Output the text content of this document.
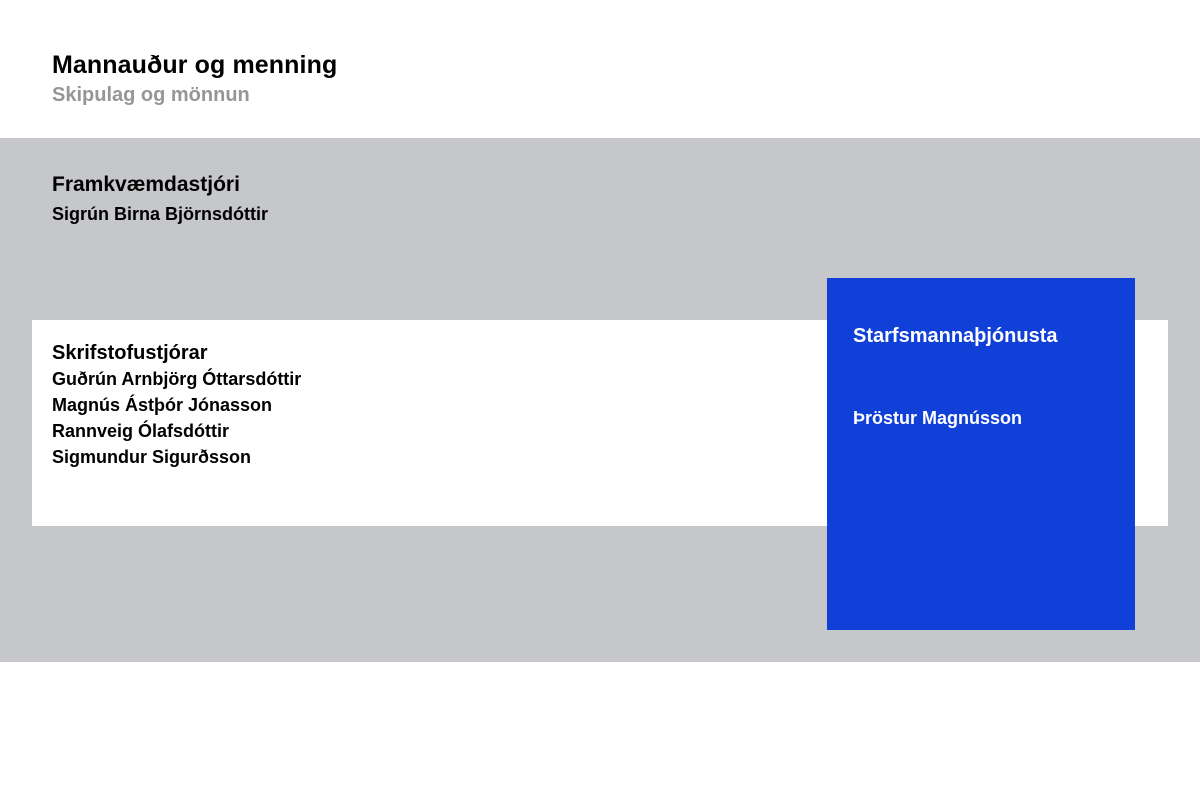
Mannauður og menning
Skipulag og mönnun
Framkvæmdastjóri
Sigrún Birna Björnsdóttir
Skrifstofustjórar
Guðrún Arnbjörg Óttarsdóttir
Magnús Ástþór Jónasson
Rannveig Ólafsdóttir
Sigmundur Sigurðsson
Starfsmannaþjónusta
Þröstur Magnússon
